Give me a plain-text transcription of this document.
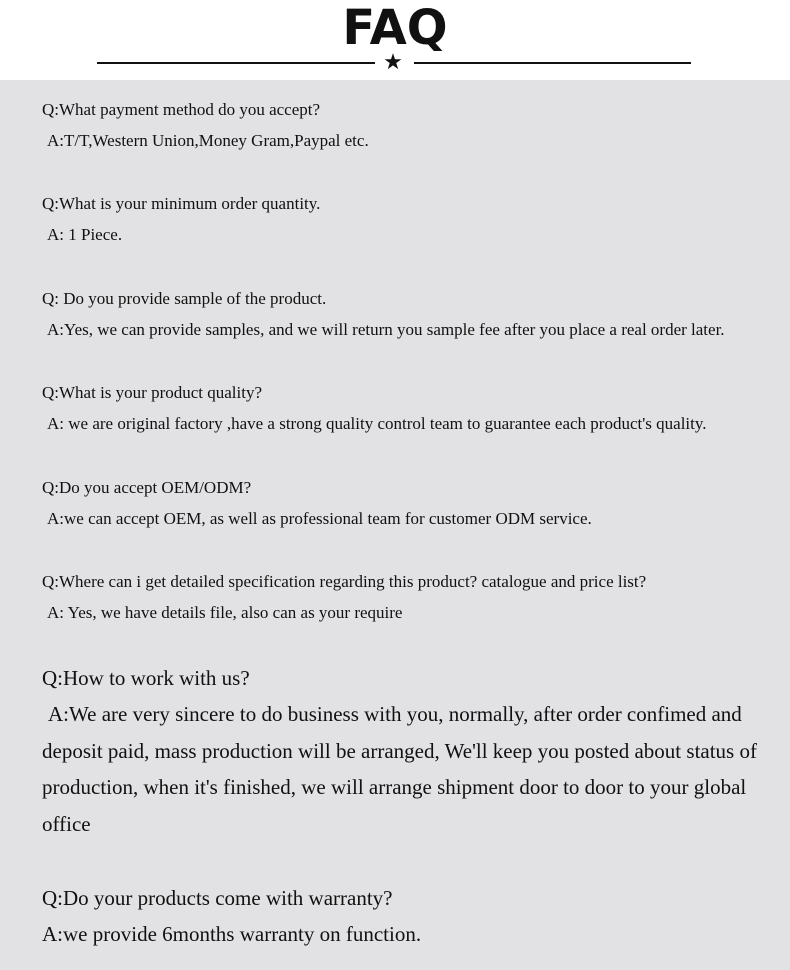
FAQ
★
Q:What payment method do you accept?
A:T/T,Western Union,Money Gram,Paypal etc.
Q:What is your minimum order quantity.
A: 1 Piece.
Q: Do you provide sample of the product.
A:Yes, we can provide samples, and we will return you sample fee after you place a real order later.
Q:What is your product quality?
A: we are original factory ,have a strong quality control team to guarantee each product's quality.
Q:Do you accept OEM/ODM?
A:we can accept OEM, as well as professional team for customer ODM service.
Q:Where can i get detailed specification regarding this product? catalogue and price list?
A: Yes, we have details file, also can as your require
Q:How to work with us?
A:We are very sincere to do business with you, normally, after order confimed and
deposit paid, mass production will be arranged, We'll keep you posted about status of
production, when it's finished, we will arrange shipment door to door to your global
office
Q:Do your products come with warranty?
A:we provide 6months warranty on function.
